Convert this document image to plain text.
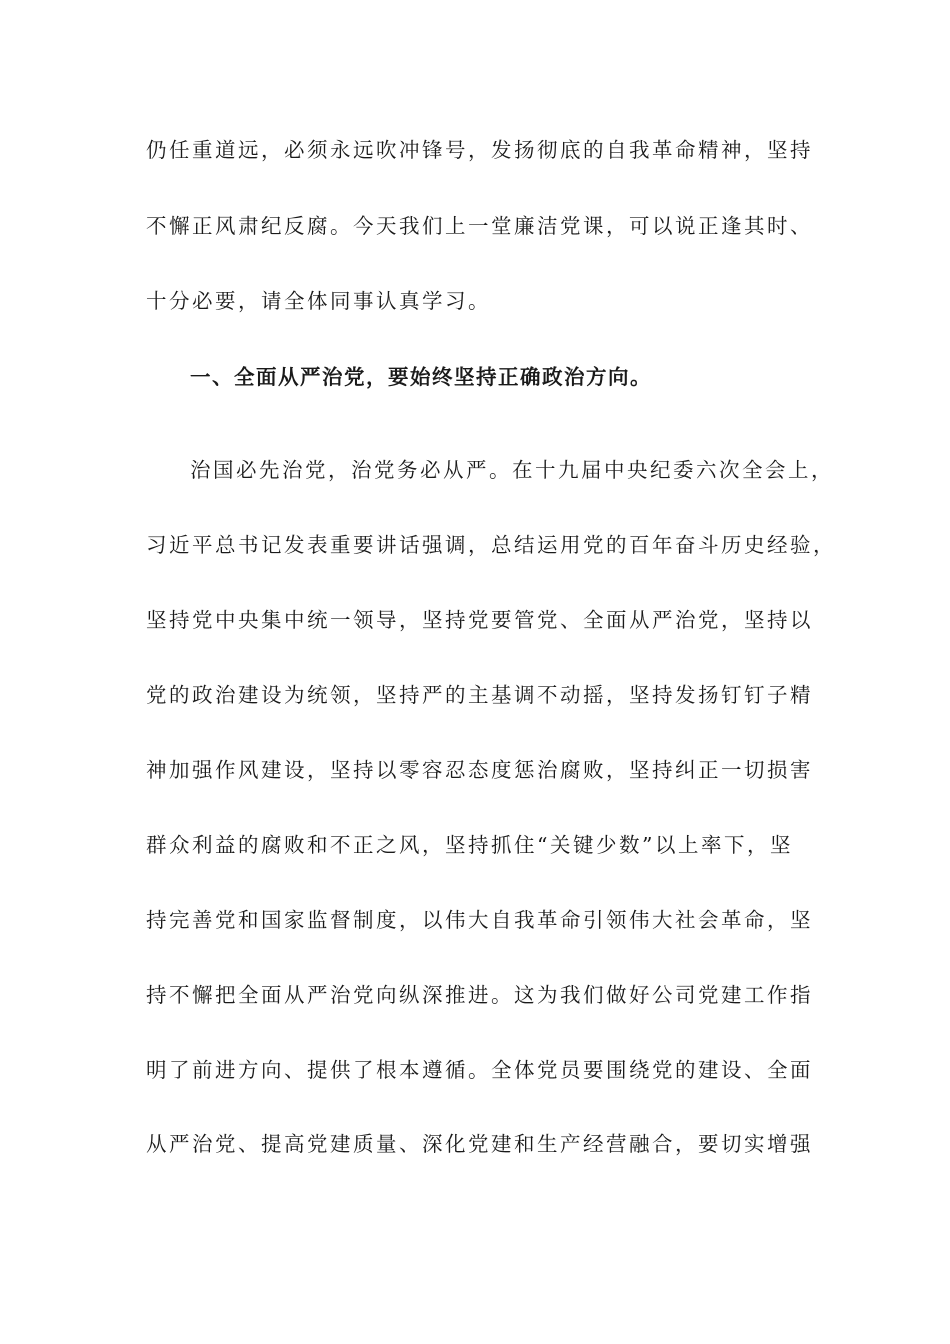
仍任重道远，必须永远吹冲锋号，发扬彻底的自我革命精神，坚持
不懈正风肃纪反腐。今天我们上一堂廉洁党课，可以说正逢其时、
十分必要，请全体同事认真学习。
一、全面从严治党，要始终坚持正确政治方向。
治国必先治党，治党务必从严。在十九届中央纪委六次全会上，
习近平总书记发表重要讲话强调，总结运用党的百年奋斗历史经验，
坚持党中央集中统一领导，坚持党要管党、全面从严治党，坚持以
党的政治建设为统领，坚持严的主基调不动摇，坚持发扬钉钉子精
神加强作风建设，坚持以零容忍态度惩治腐败，坚持纠正一切损害
群众利益的腐败和不正之风，坚持抓住“关键少数”以上率下，坚
持完善党和国家监督制度，以伟大自我革命引领伟大社会革命，坚
持不懈把全面从严治党向纵深推进。这为我们做好公司党建工作指
明了前进方向、提供了根本遵循。全体党员要围绕党的建设、全面
从严治党、提高党建质量、深化党建和生产经营融合，要切实增强
